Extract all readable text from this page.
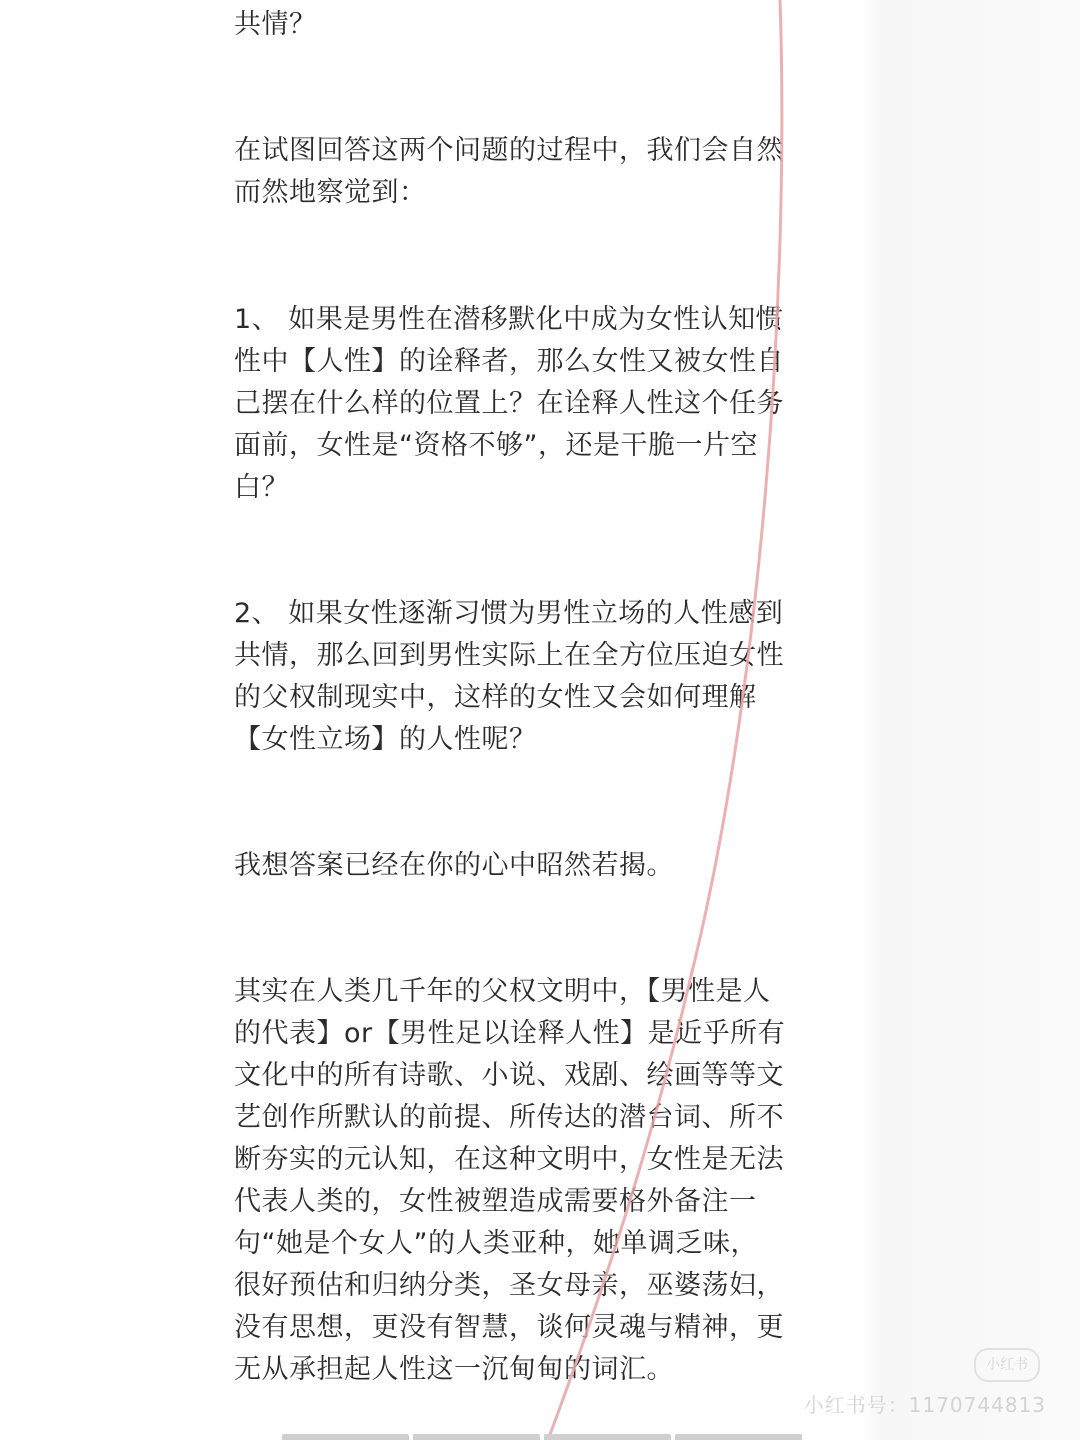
共情？

在试图回答这两个问题的过程中，我们会自然
而然地察觉到：

1、 如果是男性在潜移默化中成为女性认知惯
性中【人性】的诠释者，那么女性又被女性自
己摆在什么样的位置上？在诠释人性这个任务
面前，女性是“资格不够”，还是干脆一片空
白？

2、 如果女性逐渐习惯为男性立场的人性感到
共情，那么回到男性实际上在全方位压迫女性
的父权制现实中，这样的女性又会如何理解
【女性立场】的人性呢？

我想答案已经在你的心中昭然若揭。

其实在人类几千年的父权文明中，【男性是人
的代表】or【男性足以诠释人性】是近乎所有
文化中的所有诗歌、小说、戏剧、绘画等等文
艺创作所默认的前提、所传达的潜台词、所不
断夯实的元认知，在这种文明中，女性是无法
代表人类的，女性被塑造成需要格外备注一
句“她是个女人”的人类亚种，她单调乏味，
很好预估和归纳分类，圣女母亲，巫婆荡妇，
没有思想，更没有智慧，谈何灵魂与精神，更
无从承担起人性这一沉甸甸的词汇。	小红书
小红书号：1170744813
